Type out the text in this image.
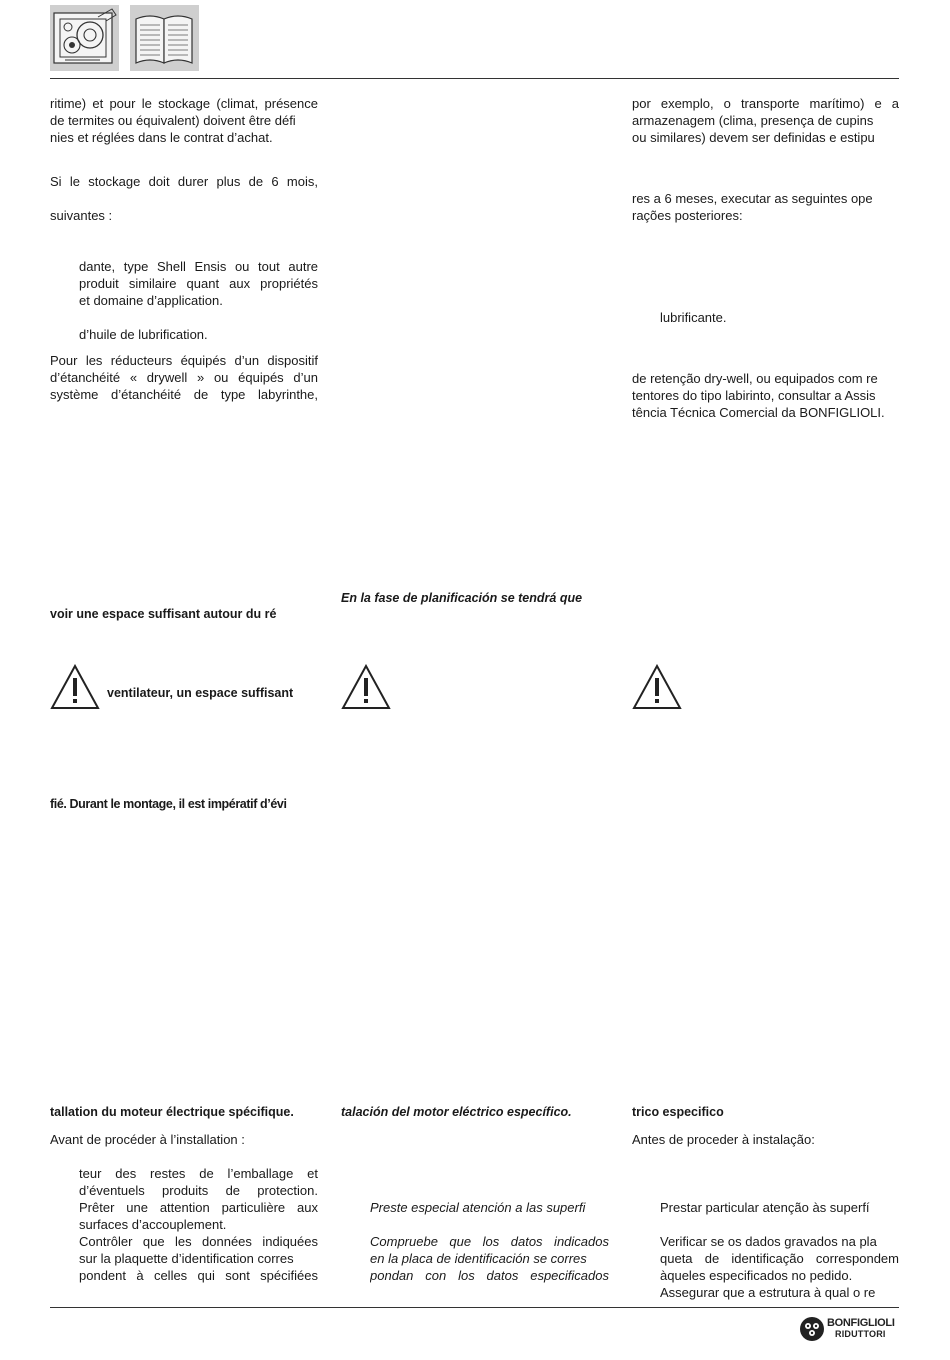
ritime) et pour le stockage (climat, présence
de termites ou équivalent) doivent être défi
nies et réglées dans le contrat d’achat.
Si le stockage doit durer plus de 6 mois,
suivantes :
dante, type Shell Ensis ou tout autre
produit similaire quant aux propriétés
et domaine d’application.
d’huile de lubrification.
Pour les réducteurs équipés d’un dispositif
d’étanchéité « drywell » ou équipés d’un
système d’étanchéité de type labyrinthe,
voir une espace suffisant autour du ré
ventilateur, un espace suffisant
fié. Durant le montage, il est impératif d’évi
tallation du moteur électrique spécifique.
Avant de procéder à l’installation :
teur des restes de l’emballage et
d’éventuels produits de protection.
Prêter une attention particulière aux
surfaces d’accouplement.
Contrôler que les données indiquées
sur la plaquette d’identification corres
pondent à celles qui sont spécifiées
En la fase de planificación se tendrá que
talación del motor eléctrico específico.
Preste especial atención a las superfi
Compruebe que los datos indicados
en la placa de identificación se corres
pondan con los datos especificados
por exemplo, o transporte marítimo) e a
armazenagem (clima, presença de cupins
ou similares) devem ser definidas e estipu
res a 6 meses, executar as seguintes ope
rações posteriores:
lubrificante.
de retenção dry-well, ou equipados com re
tentores do tipo labirinto, consultar a Assis
tência Técnica Comercial da BONFIGLIOLI.
trico especifico
Antes de proceder à instalação:
Prestar particular atenção às superfí
Verificar se os dados gravados na pla
queta de identificação correspondem
àqueles especificados no pedido.
Assegurar que a estrutura à qual o re
BONFIGLIOLI
RIDUTTORI
